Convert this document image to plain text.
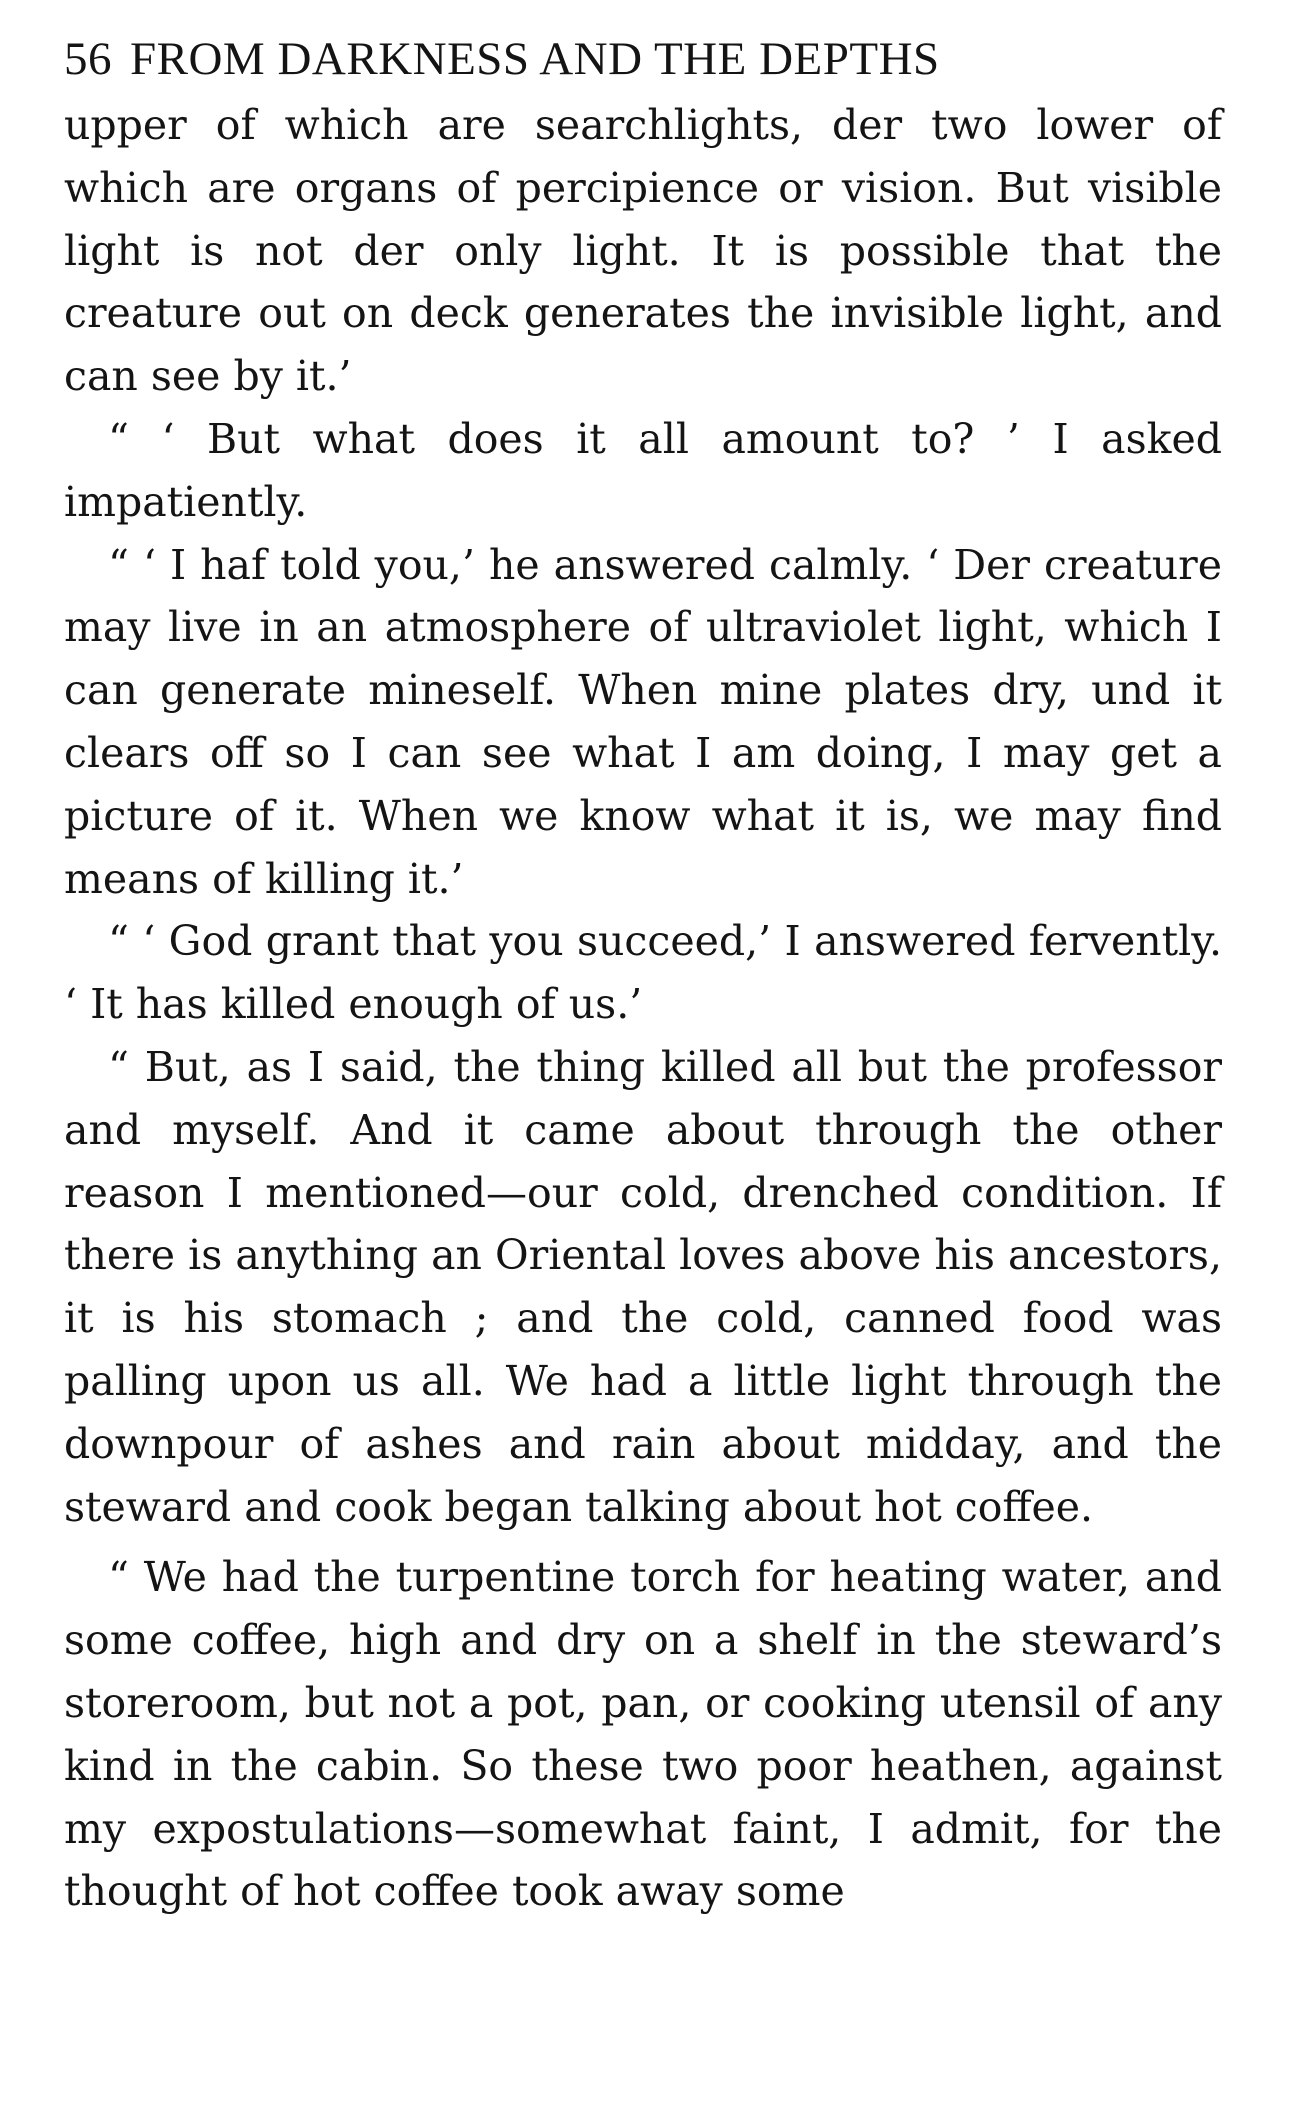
56 FROM DARKNESS AND THE DEPTHS

upper of which are searchlights, der two lower of which are organs of percipience or vision. But visible light is not der only light. It is possible that the creature out on deck generates the invisible light, and can see by it.’

“ ‘ But what does it all amount to? ’ I asked impatiently.

“ ‘ I haf told you,’ he answered calmly. ‘ Der creature may live in an atmosphere of ultraviolet light, which I can generate mineself. When mine plates dry, und it clears off so I can see what I am doing, I may get a picture of it. When we know what it is, we may find means of killing it.’

“ ‘ God grant that you succeed,’ I answered fervently. ‘ It has killed enough of us.’

“ But, as I said, the thing killed all but the professor and myself. And it came about through the other reason I mentioned—our cold, drenched condition. If there is anything an Oriental loves above his ancestors, it is his stomach ; and the cold, canned food was palling upon us all. We had a little light through the downpour of ashes and rain about midday, and the steward and cook began talking about hot coffee.

“ We had the turpentine torch for heating water, and some coffee, high and dry on a shelf in the steward’s storeroom, but not a pot, pan, or cooking utensil of any kind in the cabin. So these two poor heathen, against my expostulations—somewhat faint, I admit, for the thought of hot coffee took away some
